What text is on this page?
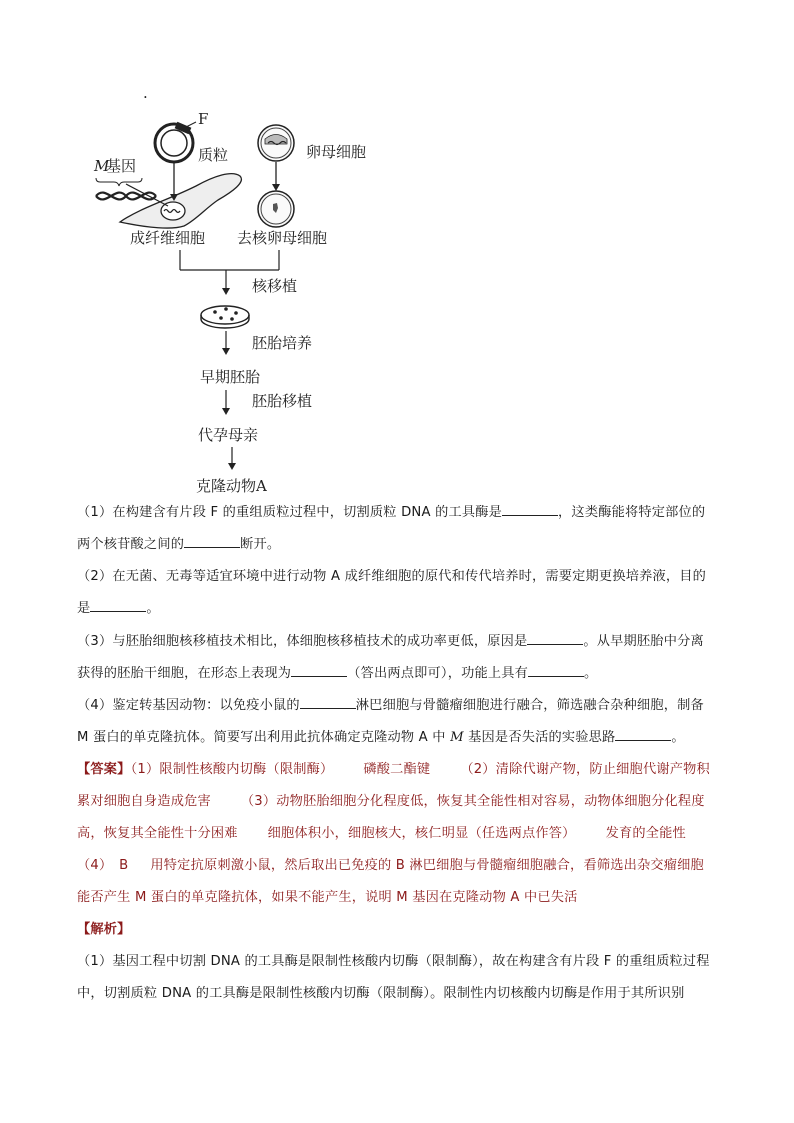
.
F
质粒	卵母细胞
M
基因
成纤维细胞 去核卵母细胞
核移植
胚胎培养
早期胚胎
胚胎移植
代孕母亲
克隆动物A
（1）在构建含有片段 F 的重组质粒过程中，切割质粒 DNA 的工具酶是	，这类酶能将特定部位的两个核苷酸之间的	断开。
（2）在无菌、无毒等适宜环境中进行动物 A 成纤维细胞的原代和传代培养时，需要定期更换培养液，目的是	。
（3）与胚胎细胞核移植技术相比，体细胞核移植技术的成功率更低，原因是	。从早期胚胎中分离获得的胚胎干细胞，在形态上表现为	（答出两点即可），功能上具有	。
（4）鉴定转基因动物：以免疫小鼠的	淋巴细胞与骨髓瘤细胞进行融合，筛选融合杂种细胞，制备 M 蛋白的单克隆抗体。简要写出利用此抗体确定克隆动物 A 中 M 基因是否失活的实验思路	。
【答案】（1）限制性核酸内切酶（限制酶） 磷酸二酯键 （2）清除代谢产物，防止细胞代谢产物积累对细胞自身造成危害 （3）动物胚胎细胞分化程度低，恢复其全能性相对容易，动物体细胞分化程度高，恢复其全能性十分困难 细胞体积小，细胞核大，核仁明显（任选两点作答） 发育的全能性（4）　B 用特定抗原刺激小鼠，然后取出已免疫的 B 淋巴细胞与骨髓瘤细胞融合，看筛选出杂交瘤细胞能否产生 M 蛋白的单克隆抗体，如果不能产生，说明 M 基因在克隆动物 A 中已失活
【解析】
（1）基因工程中切割 DNA 的工具酶是限制性核酸内切酶（限制酶），故在构建含有片段 F 的重组质粒过程中，切割质粒 DNA 的工具酶是限制性核酸内切酶（限制酶）。限制性内切核酸内切酶是作用于其所识别
